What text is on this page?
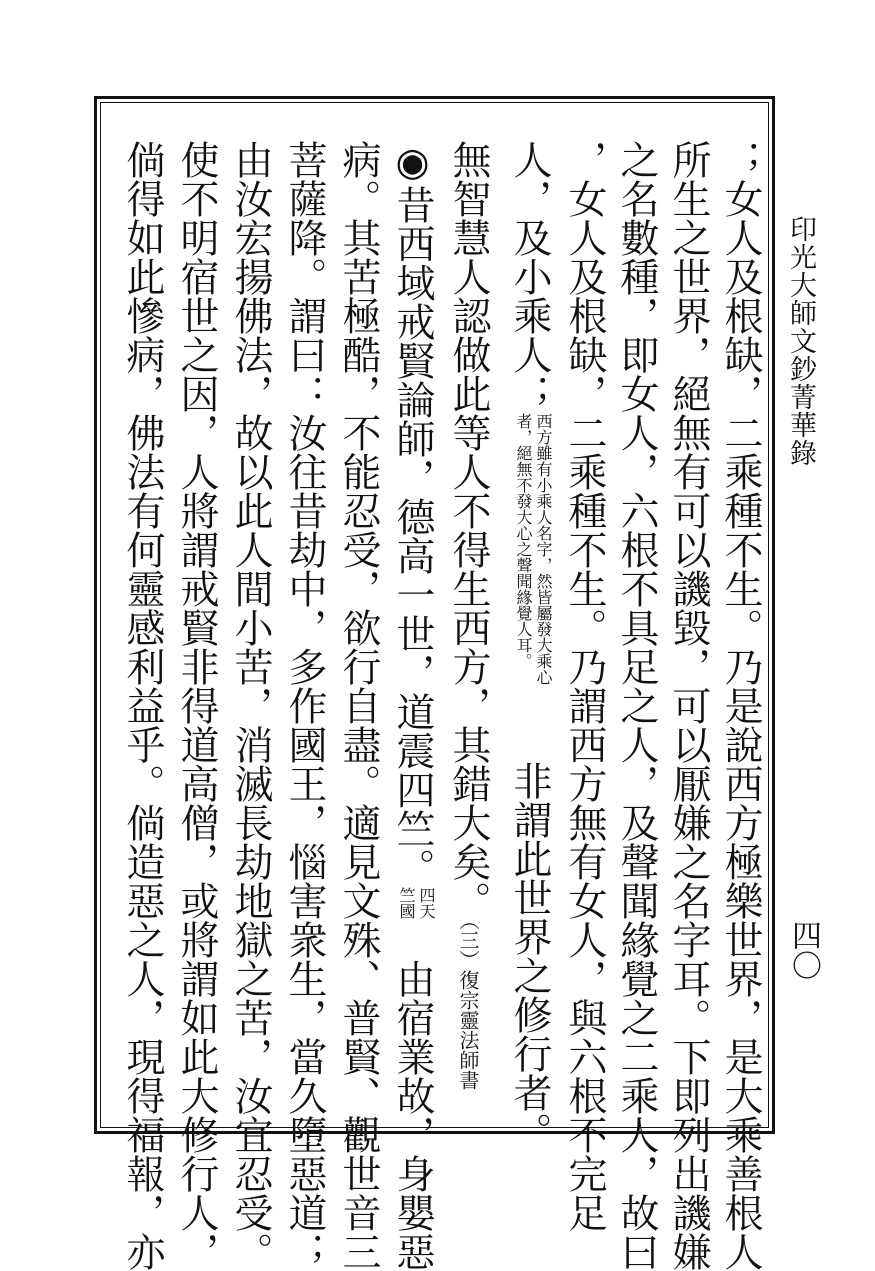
印光大師文鈔菁華錄
四〇
；女人及根缺，二乘種不生。乃是說西方極樂世界，是大乘善根人
所生之世界，絕無有可以譏毀，可以厭嫌之名字耳。下即列出譏嫌
之名數種，即女人，六根不具足之人，及聲聞緣覺之二乘人，故曰
，女人及根缺，二乘種不生。乃謂西方無有女人，與六根不完足
人，及小乘人；
西方雖有小乘人名字，然皆屬發大乘心
者，絕無不發大心之聲聞緣覺人耳。
非謂此世界之修行者。
無智慧人認做此等人不得生西方，其錯大矣。（三）復宗靈法師書
◉昔西域戒賢論師，德高一世，道震四竺。
四天
竺國
由宿業故，身嬰惡
病。其苦極酷，不能忍受，欲行自盡。適見文殊、普賢、觀世音三
菩薩降。謂曰：汝往昔劫中，多作國王，惱害衆生，當久墮惡道；
由汝宏揚佛法，故以此人間小苦，消滅長劫地獄之苦，汝宜忍受。
使不明宿世之因，人將謂戒賢非得道高僧，或將謂如此大修行人，
倘得如此慘病，佛法有何靈感利益乎。倘造惡之人，現得福報，亦
